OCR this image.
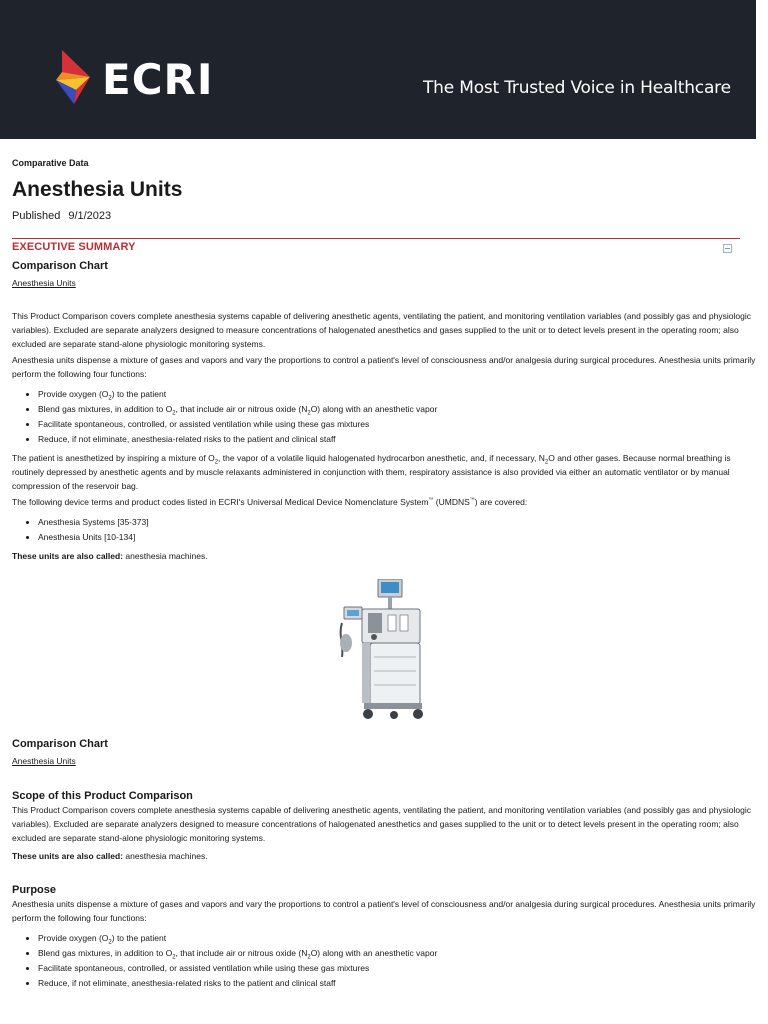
ECRI	The Most Trusted Voice in Healthcare

Comparative Data

Anesthesia Units
Published 9/1/2023
EXECUTIVE SUMMARY
Comparison Chart
Anesthesia Units

This Product Comparison covers complete anesthesia systems capable of delivering anesthetic agents, ventilating the patient, and monitoring ventilation variables (and possibly gas and physiologic variables). Excluded are separate analyzers designed to measure concentrations of halogenated anesthetics and gases supplied to the unit or to detect levels present in the operating room; also excluded are separate stand-alone physiologic monitoring systems.

Anesthesia units dispense a mixture of gases and vapors and vary the proportions to control a patient's level of consciousness and/or analgesia during surgical procedures. Anesthesia units primarily perform the following four functions:

• Provide oxygen $(O_2)$ to the patient
• Blend gas mixtures, in addition to $O_2$, that include air or nitrous oxide $(N_2O)$ along with an anesthetic vapor
• Facilitate spontaneous, controlled, or assisted ventilation while using these gas mixtures
• Reduce, if not eliminate, anesthesia-related risks to the patient and clinical staff

The patient is anesthetized by inspiring a mixture of $O_2$, the vapor of a volatile liquid halogenated hydrocarbon anesthetic, and, if necessary, $N_2O$ and other gases. Because normal breathing is routinely depressed by anesthetic agents and by muscle relaxants administered in conjunction with them, respiratory assistance is also provided via either an automatic ventilator or by manual compression of the reservoir bag.

The following device terms and product codes listed in ECRI's Universal Medical Device Nomenclature System™ (UMDNS™) are covered:

• Anesthesia Systems [35-373]
• Anesthesia Units [10-134]

These units are also called: anesthesia machines.

Comparison Chart
Anesthesia Units
Scope of this Product Comparison

This Product Comparison covers complete anesthesia systems capable of delivering anesthetic agents, ventilating the patient, and monitoring ventilation variables (and possibly gas and physiologic variables). Excluded are separate analyzers designed to measure concentrations of halogenated anesthetics and gases supplied to the unit or to detect levels present in the operating room; also excluded are separate stand-alone physiologic monitoring systems.

These units are also called: anesthesia machines.

Purpose

Anesthesia units dispense a mixture of gases and vapors and vary the proportions to control a patient's level of consciousness and/or analgesia during surgical procedures. Anesthesia units primarily perform the following four functions:

• Provide oxygen $(O_2)$ to the patient
• Blend gas mixtures, in addition to $O_2$, that include air or nitrous oxide $(N_2O)$ along with an anesthetic vapor
• Facilitate spontaneous, controlled, or assisted ventilation while using these gas mixtures
• Reduce, if not eliminate, anesthesia-related risks to the patient and clinical staff
